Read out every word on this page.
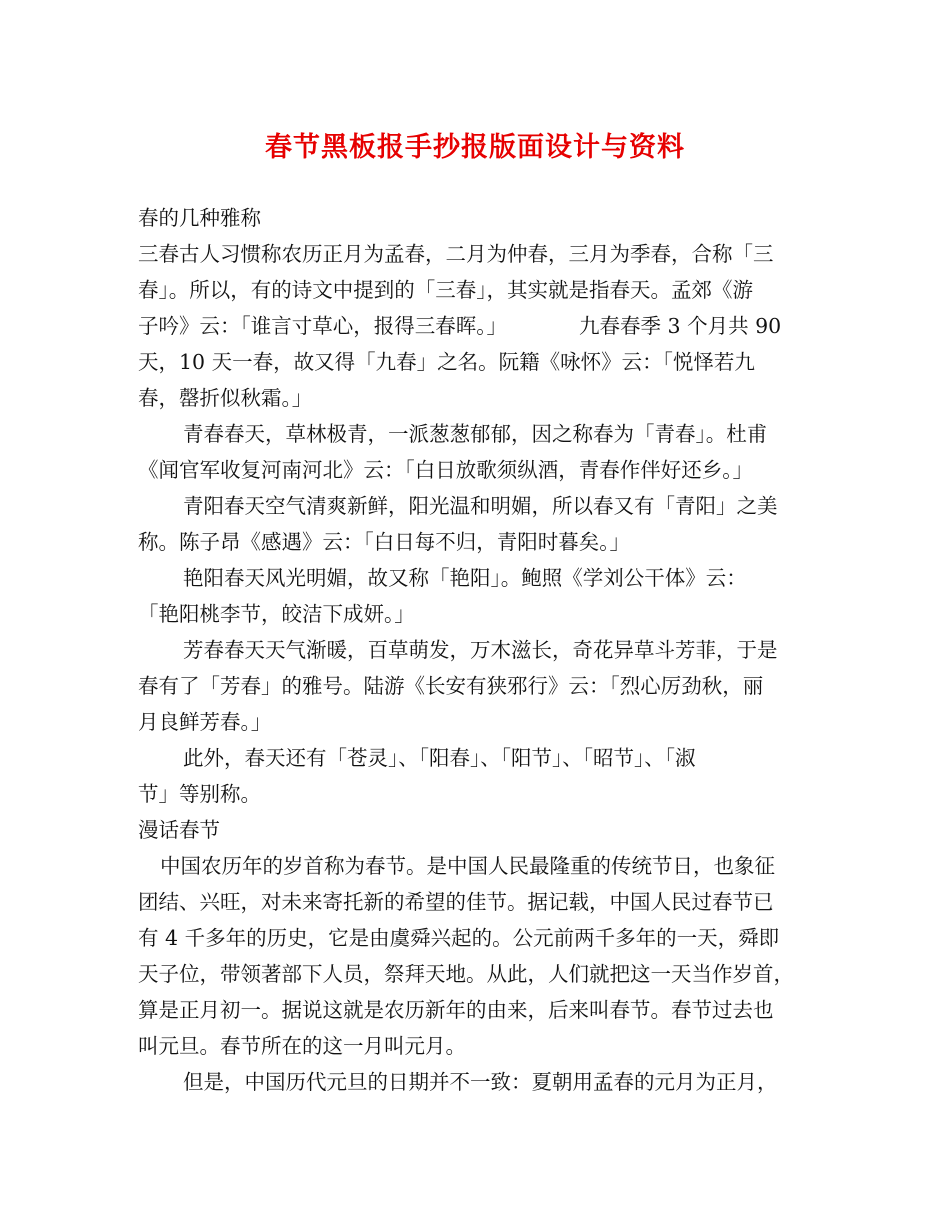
春节黑板报手抄报版面设计与资料
春的几种雅称
三春古人习惯称农历正月为孟春，二月为仲春，三月为季春，合称「三
春」。所以，有的诗文中提到的「三春」，其实就是指春天。孟郊《游
子吟》云：「谁言寸草心，报得三春晖。」	九春春季 3 个月共 90
天，10 天一春，故又得「九春」之名。阮籍《咏怀》云：「悦怿若九
春，罄折似秋霜。」
青春春天，草林极青，一派葱葱郁郁，因之称春为「青春」。杜甫
《闻官军收复河南河北》云：「白日放歌须纵酒，青春作伴好还乡。」
青阳春天空气清爽新鲜，阳光温和明媚，所以春又有「青阳」之美
称。陈子昂《感遇》云：「白日每不归，青阳时暮矣。」
艳阳春天风光明媚，故又称「艳阳」。鲍照《学刘公干体》云：
「艳阳桃李节，皎洁下成妍。」
芳春春天天气渐暖，百草萌发，万木滋长，奇花异草斗芳菲，于是
春有了「芳春」的雅号。陆游《长安有狭邪行》云：「烈心厉劲秋，丽
月良鲜芳春。」
此外，春天还有「苍灵」、「阳春」、「阳节」、「昭节」、「淑
节」等别称。
漫话春节
中国农历年的岁首称为春节。是中国人民最隆重的传统节日，也象征
团结、兴旺，对未来寄托新的希望的佳节。据记载，中国人民过春节已
有 4 千多年的历史，它是由虞舜兴起的。公元前两千多年的一天，舜即
天子位，带领著部下人员，祭拜天地。从此，人们就把这一天当作岁首，
算是正月初一。据说这就是农历新年的由来，后来叫春节。春节过去也
叫元旦。春节所在的这一月叫元月。
但是，中国历代元旦的日期并不一致：夏朝用孟春的元月为正月，
